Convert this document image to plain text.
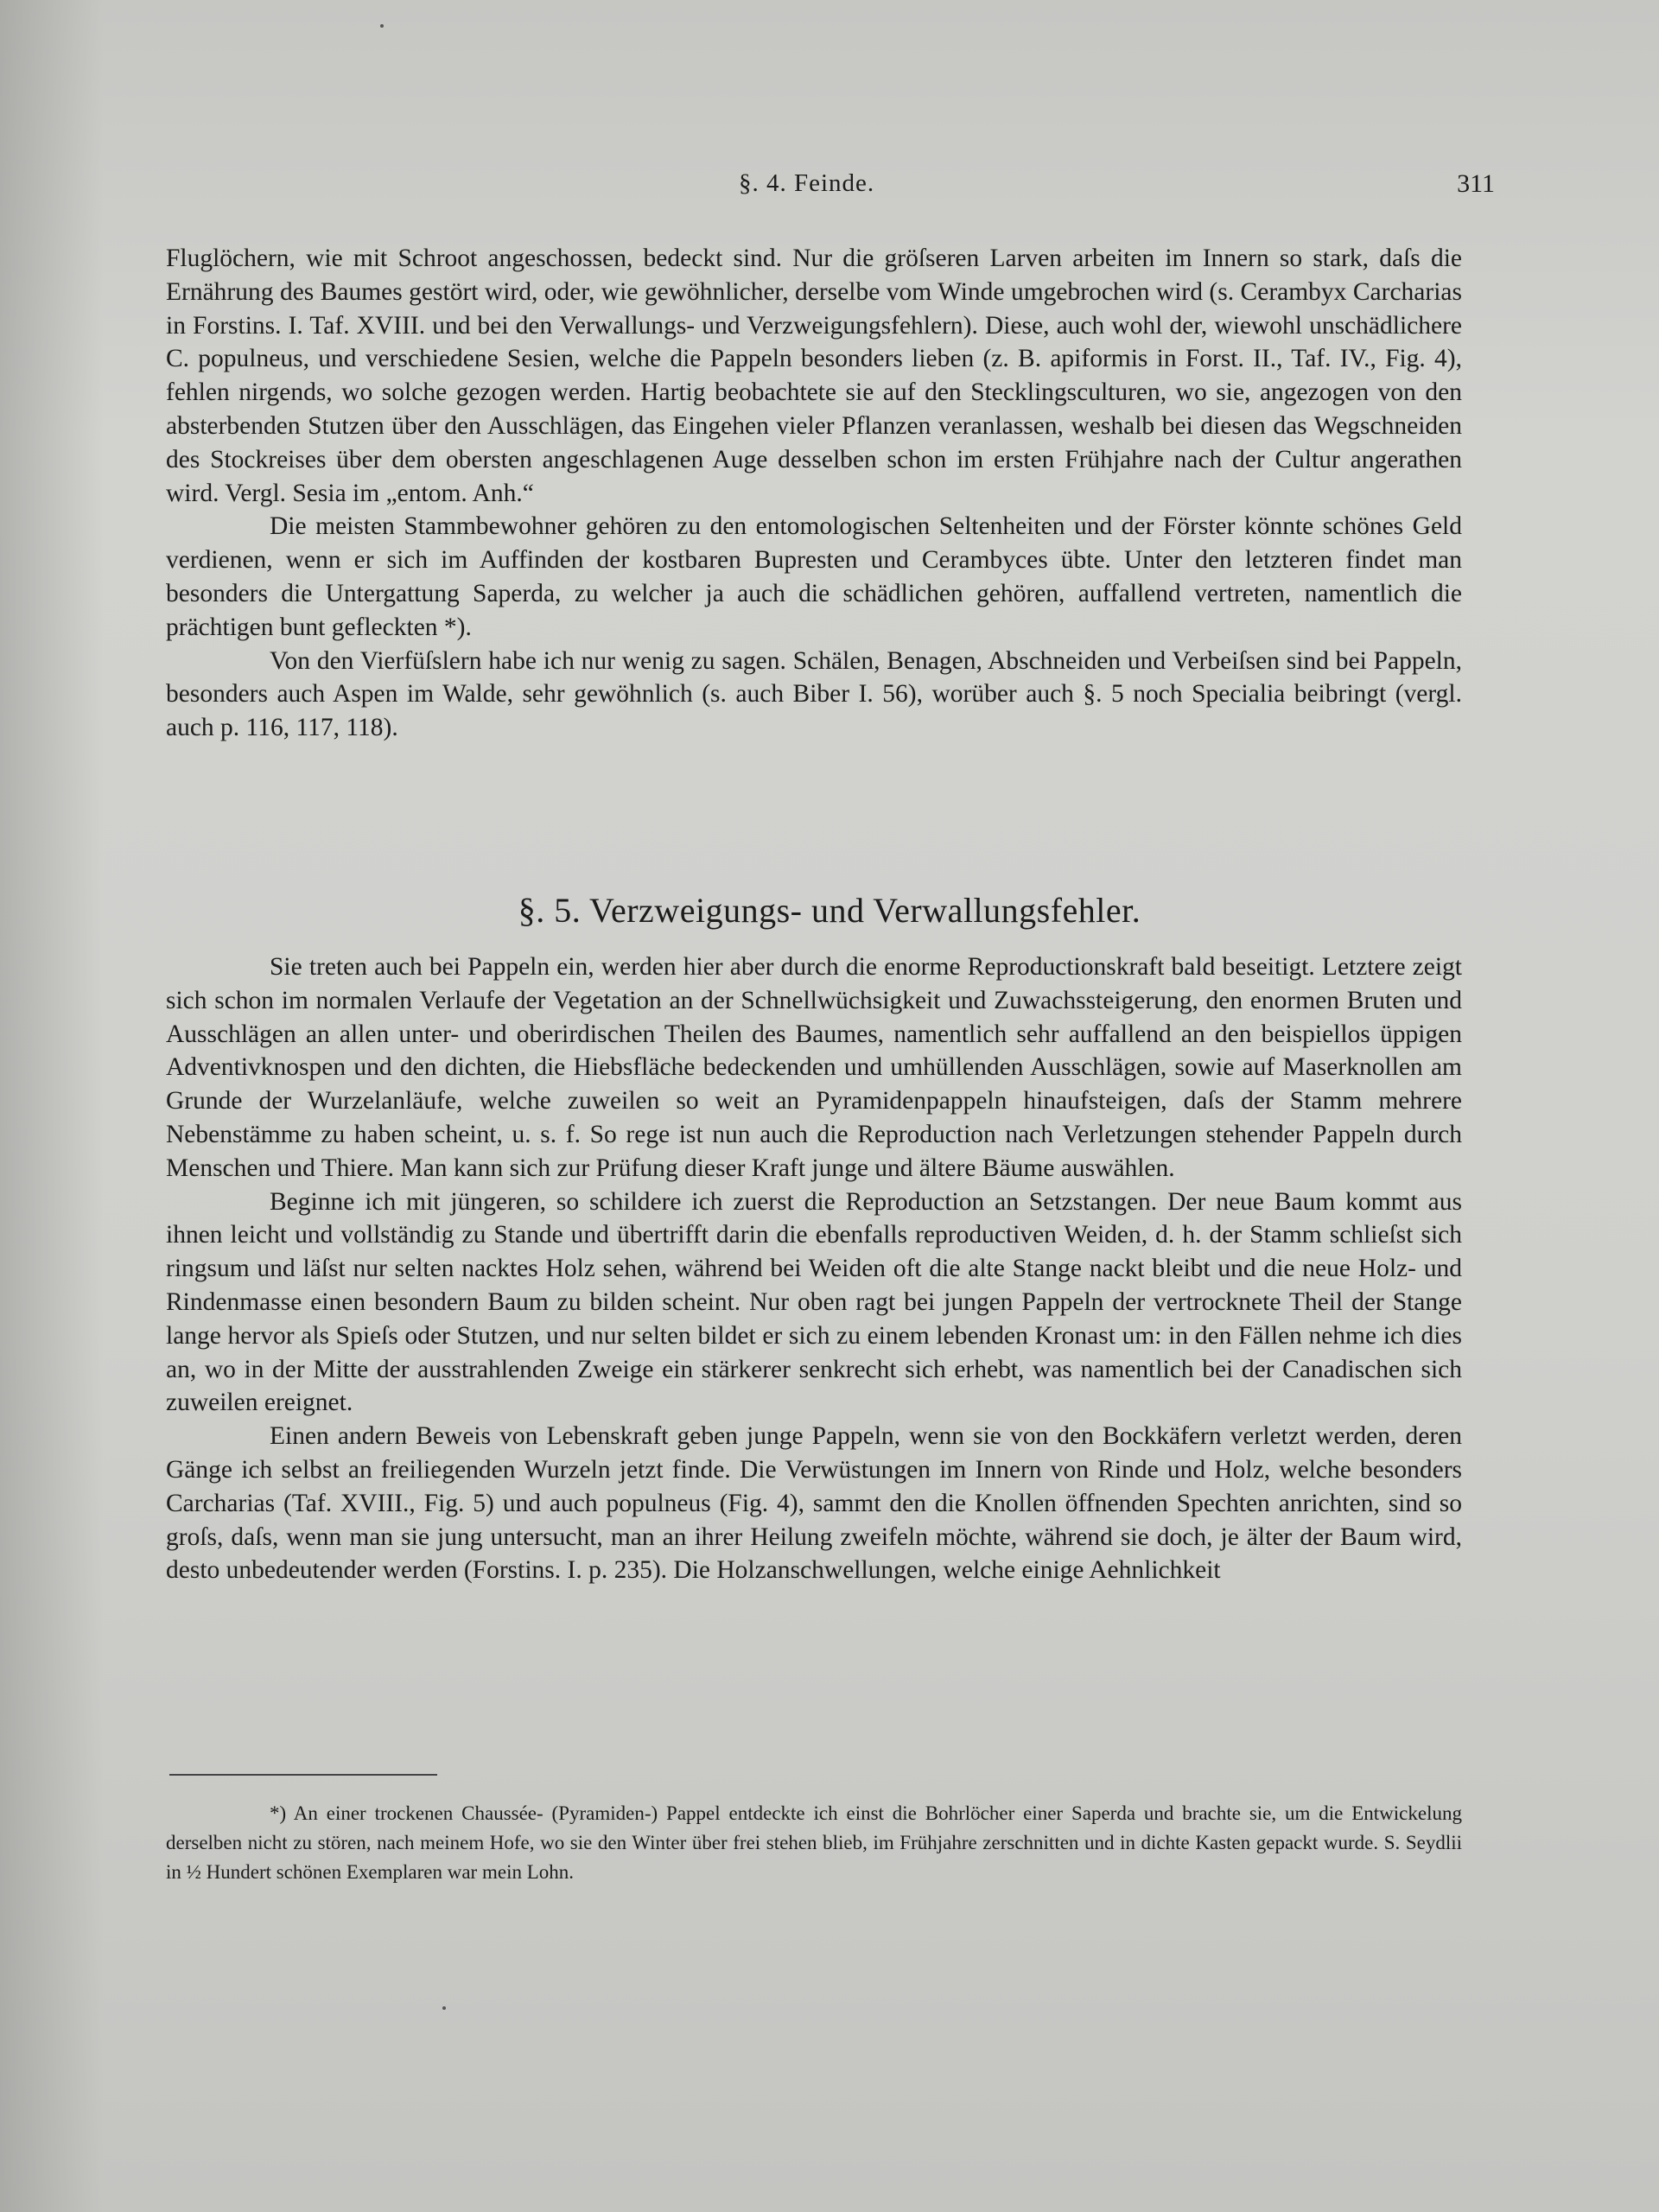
§. 4. Feinde.	311

Fluglöchern, wie mit Schroot angeschossen, bedeckt sind. Nur die gröſseren Larven arbeiten im Innern so stark, daſs die Ernährung des Baumes gestört wird, oder, wie gewöhnlicher, derselbe vom Winde umgebrochen wird (s. Cerambyx Carcharias in Forstins. I. Taf. XVIII. und bei den Verwallungs- und Verzweigungsfehlern). Diese, auch wohl der, wiewohl unschädlichere C. populneus, und verschiedene Sesien, welche die Pappeln besonders lieben (z. B. apiformis in Forst. II., Taf. IV., Fig. 4), fehlen nirgends, wo solche gezogen werden. Hartig beobachtete sie auf den Stecklingsculturen, wo sie, angezogen von den absterbenden Stutzen über den Ausschlägen, das Eingehen vieler Pflanzen veranlassen, weshalb bei diesen das Wegschneiden des Stockreises über dem obersten angeschlagenen Auge desselben schon im ersten Frühjahre nach der Cultur angerathen wird. Vergl. Sesia im „entom. Anh.“

Die meisten Stammbewohner gehören zu den entomologischen Seltenheiten und der Förster könnte schönes Geld verdienen, wenn er sich im Auffinden der kostbaren Bupresten und Cerambyces übte. Unter den letzteren findet man besonders die Untergattung Saperda, zu welcher ja auch die schädlichen gehören, auffallend vertreten, namentlich die prächtigen bunt gefleckten *).

Von den Vierfüſslern habe ich nur wenig zu sagen. Schälen, Benagen, Abschneiden und Verbeiſsen sind bei Pappeln, besonders auch Aspen im Walde, sehr gewöhnlich (s. auch Biber I. 56), worüber auch §. 5 noch Specialia beibringt (vergl. auch p. 116, 117, 118).

§. 5. Verzweigungs- und Verwallungsfehler.

Sie treten auch bei Pappeln ein, werden hier aber durch die enorme Reproductionskraft bald beseitigt. Letztere zeigt sich schon im normalen Verlaufe der Vegetation an der Schnellwüchsigkeit und Zuwachssteigerung, den enormen Bruten und Ausschlägen an allen unter- und oberirdischen Theilen des Baumes, namentlich sehr auffallend an den beispiellos üppigen Adventivknospen und den dichten, die Hiebsfläche bedeckenden und umhüllenden Ausschlägen, sowie auf Maserknollen am Grunde der Wurzelanläufe, welche zuweilen so weit an Pyramidenpappeln hinaufsteigen, daſs der Stamm mehrere Nebenstämme zu haben scheint, u. s. f. So rege ist nun auch die Reproduction nach Verletzungen stehender Pappeln durch Menschen und Thiere. Man kann sich zur Prüfung dieser Kraft junge und ältere Bäume auswählen.

Beginne ich mit jüngeren, so schildere ich zuerst die Reproduction an Setzstangen. Der neue Baum kommt aus ihnen leicht und vollständig zu Stande und übertrifft darin die ebenfalls reproductiven Weiden, d. h. der Stamm schlieſst sich ringsum und läſst nur selten nacktes Holz sehen, während bei Weiden oft die alte Stange nackt bleibt und die neue Holz- und Rindenmasse einen besondern Baum zu bilden scheint. Nur oben ragt bei jungen Pappeln der vertrocknete Theil der Stange lange hervor als Spieſs oder Stutzen, und nur selten bildet er sich zu einem lebenden Kronast um: in den Fällen nehme ich dies an, wo in der Mitte der ausstrahlenden Zweige ein stärkerer senkrecht sich erhebt, was namentlich bei der Canadischen sich zuweilen ereignet.

Einen andern Beweis von Lebenskraft geben junge Pappeln, wenn sie von den Bockkäfern verletzt werden, deren Gänge ich selbst an freiliegenden Wurzeln jetzt finde. Die Verwüstungen im Innern von Rinde und Holz, welche besonders Carcharias (Taf. XVIII., Fig. 5) und auch populneus (Fig. 4), sammt den die Knollen öffnenden Spechten anrichten, sind so groſs, daſs, wenn man sie jung untersucht, man an ihrer Heilung zweifeln möchte, während sie doch, je älter der Baum wird, desto unbedeutender werden (Forstins. I. p. 235). Die Holzanschwellungen, welche einige Aehnlichkeit

*) An einer trockenen Chaussée- (Pyramiden-) Pappel entdeckte ich einst die Bohrlöcher einer Saperda und brachte sie, um die Entwickelung derselben nicht zu stören, nach meinem Hofe, wo sie den Winter über frei stehen blieb, im Frühjahre zerschnitten und in dichte Kasten gepackt wurde. S. Seydlii in ½ Hundert schönen Exemplaren war mein Lohn.
